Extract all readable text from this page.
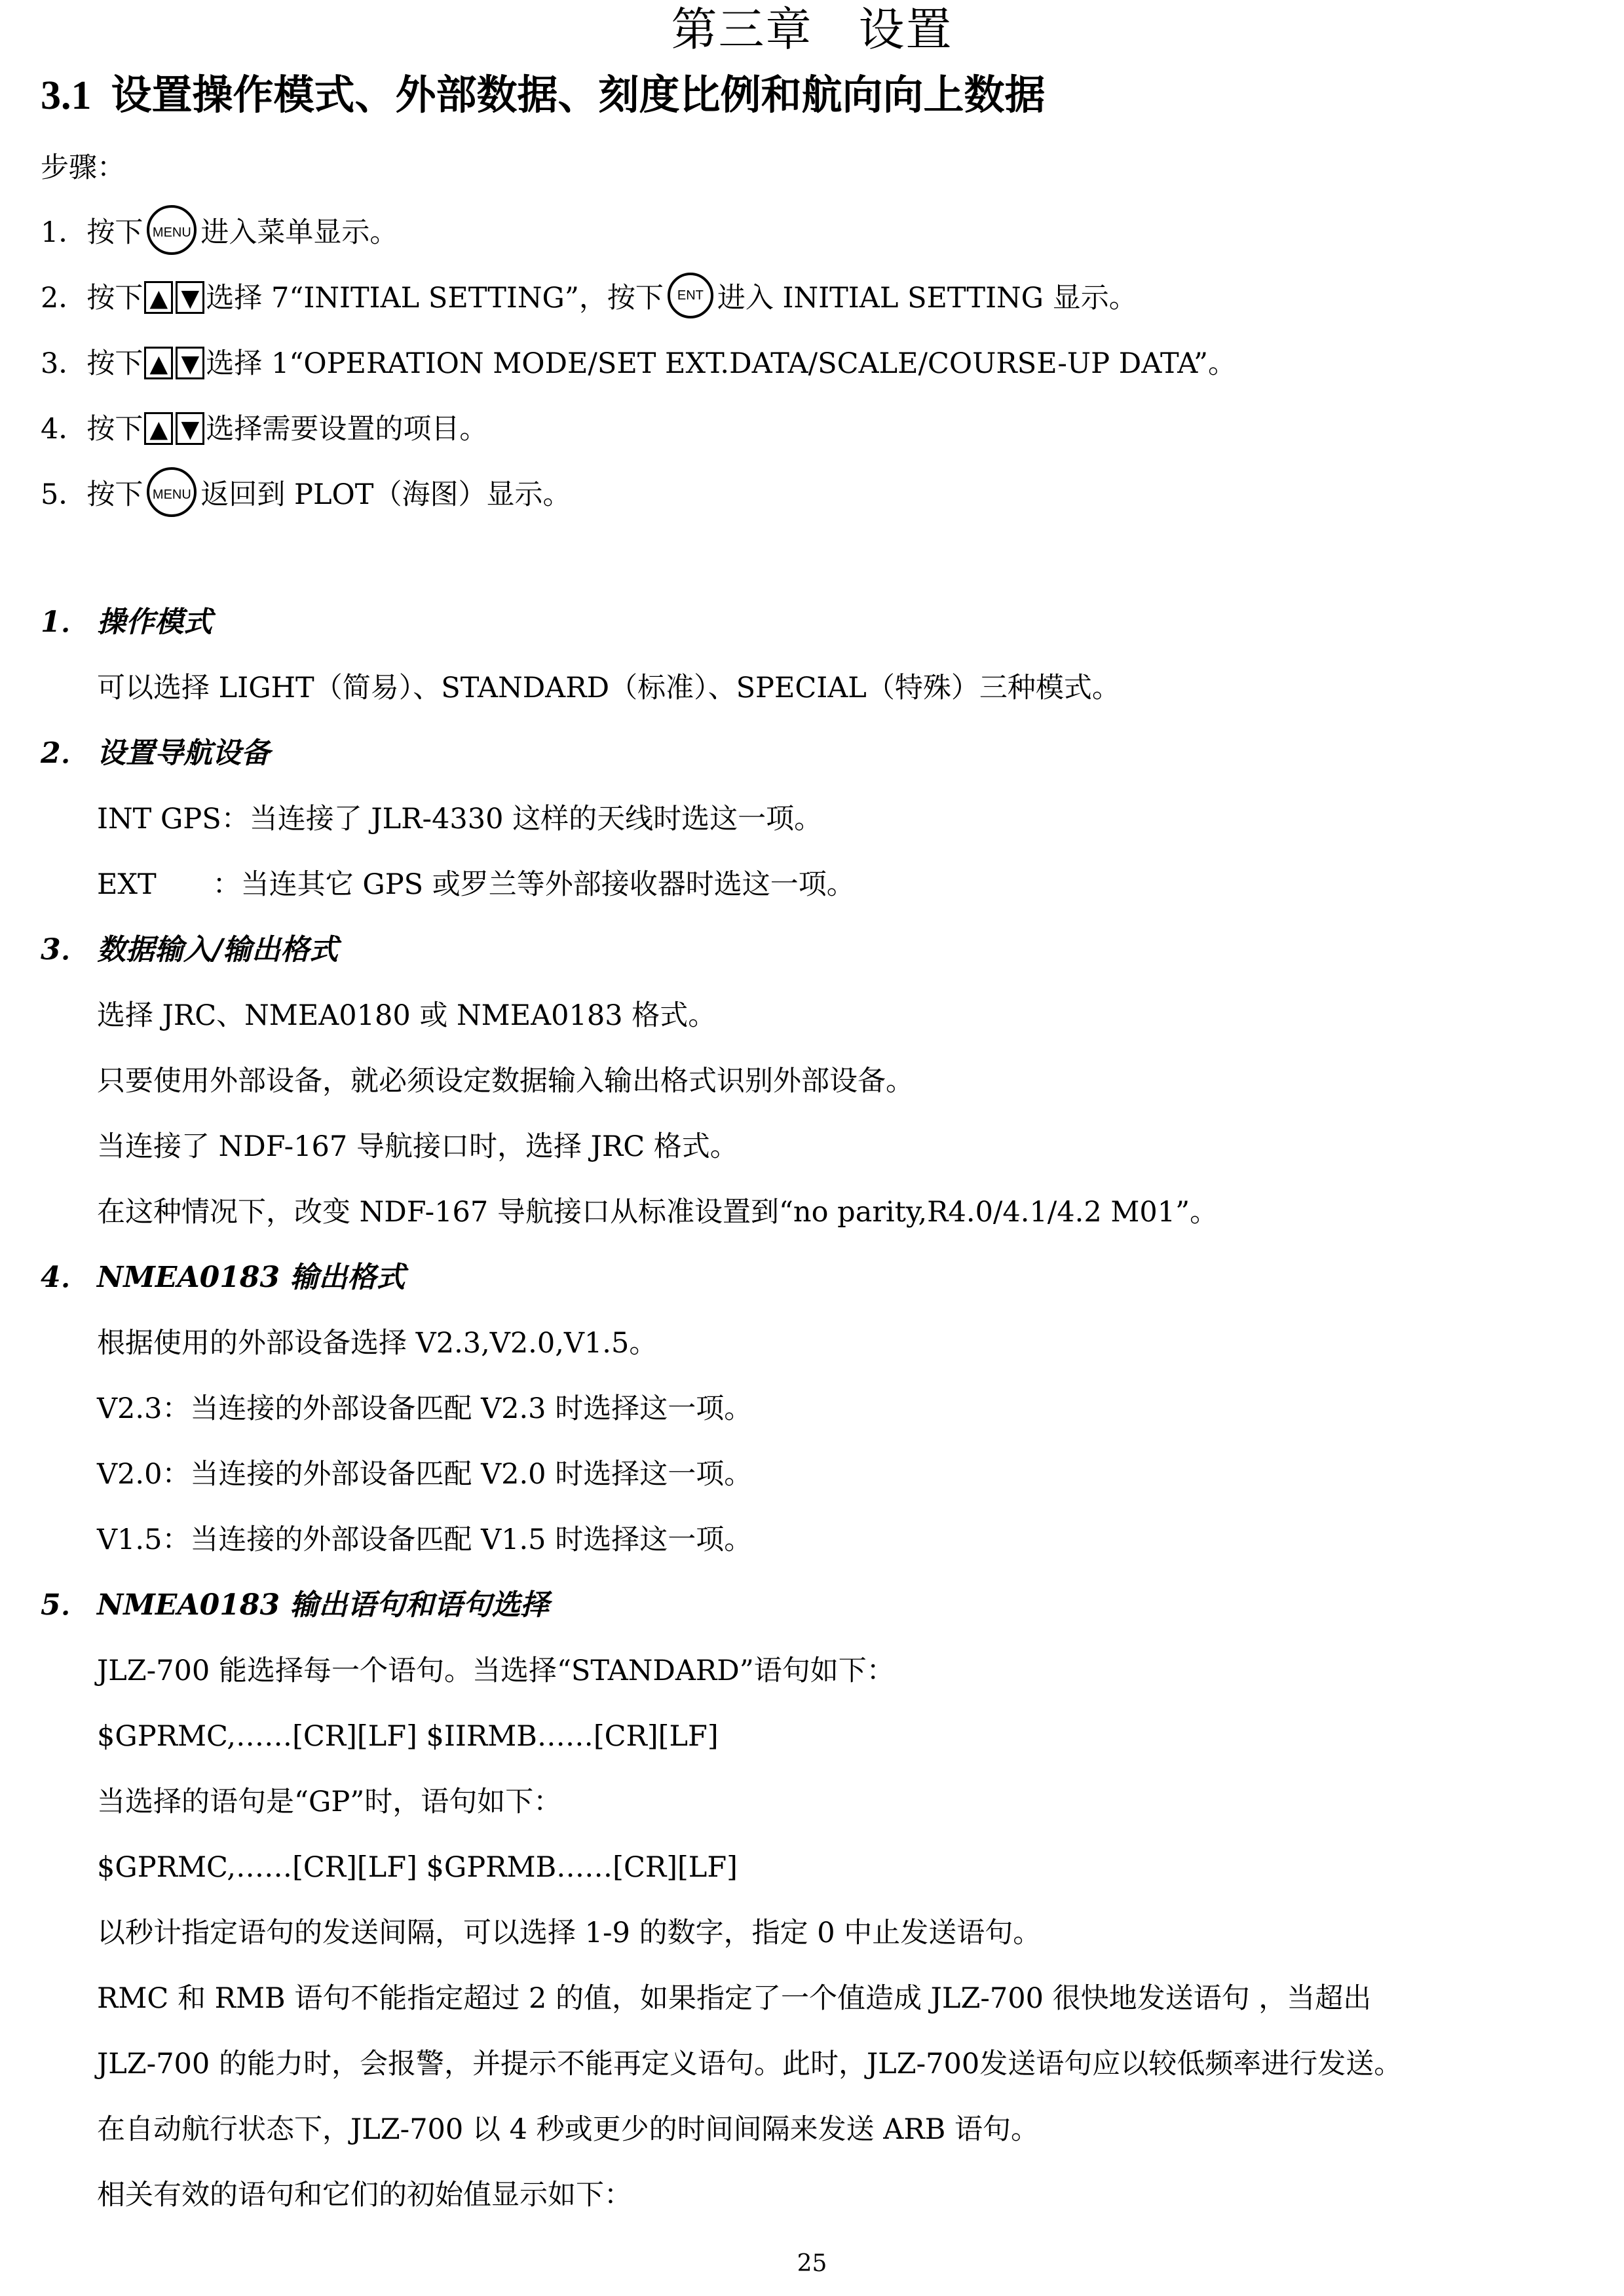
第三章 设置
3.1 设置操作模式、外部数据、刻度比例和航向向上数据
步骤：
1．按下 MENU 进入菜单显示。
2．按下 ▲ ▼ 选择 7“INITIAL SETTING”，按下 ENT 进入 INITIAL SETTING 显示。
3．按下 ▲ ▼ 选择 1“OPERATION MODE/SET EXT.DATA/SCALE/COURSE-UP DATA”。
4．按下 ▲ ▼ 选择需要设置的项目。
5．按下 MENU 返回到 PLOT（海图）显示。
1． 操作模式
可以选择 LIGHT（简易）、STANDARD（标准）、SPECIAL（特殊）三种模式。
2． 设置导航设备
INT GPS：当连接了 JLR-4330 这样的天线时选这一项。
EXT　　：当连其它 GPS 或罗兰等外部接收器时选这一项。
3． 数据输入/输出格式
选择 JRC、NMEA0180 或 NMEA0183 格式。
只要使用外部设备，就必须设定数据输入输出格式识别外部设备。
当连接了 NDF-167 导航接口时，选择 JRC 格式。
在这种情况下，改变 NDF-167 导航接口从标准设置到“no parity,R4.0/4.1/4.2 M01”。
4． NMEA0183 输出格式
根据使用的外部设备选择 V2.3,V2.0,V1.5。
V2.3：当连接的外部设备匹配 V2.3 时选择这一项。
V2.0：当连接的外部设备匹配 V2.0 时选择这一项。
V1.5：当连接的外部设备匹配 V1.5 时选择这一项。
5． NMEA0183 输出语句和语句选择
JLZ-700 能选择每一个语句。当选择“STANDARD”语句如下：
$GPRMC,……[CR][LF] $IIRMB……[CR][LF]
当选择的语句是“GP”时，语句如下：
$GPRMC,……[CR][LF] $GPRMB……[CR][LF]
以秒计指定语句的发送间隔，可以选择 1-9 的数字，指定 0 中止发送语句。
RMC 和 RMB 语句不能指定超过 2 的值，如果指定了一个值造成 JLZ-700 很快地发送语句 ，当超出
JLZ-700 的能力时，会报警，并提示不能再定义语句。此时，JLZ-700发送语句应以较低频率进行发送。
在自动航行状态下，JLZ-700 以 4 秒或更少的时间间隔来发送 ARB 语句。
相关有效的语句和它们的初始值显示如下：
25
